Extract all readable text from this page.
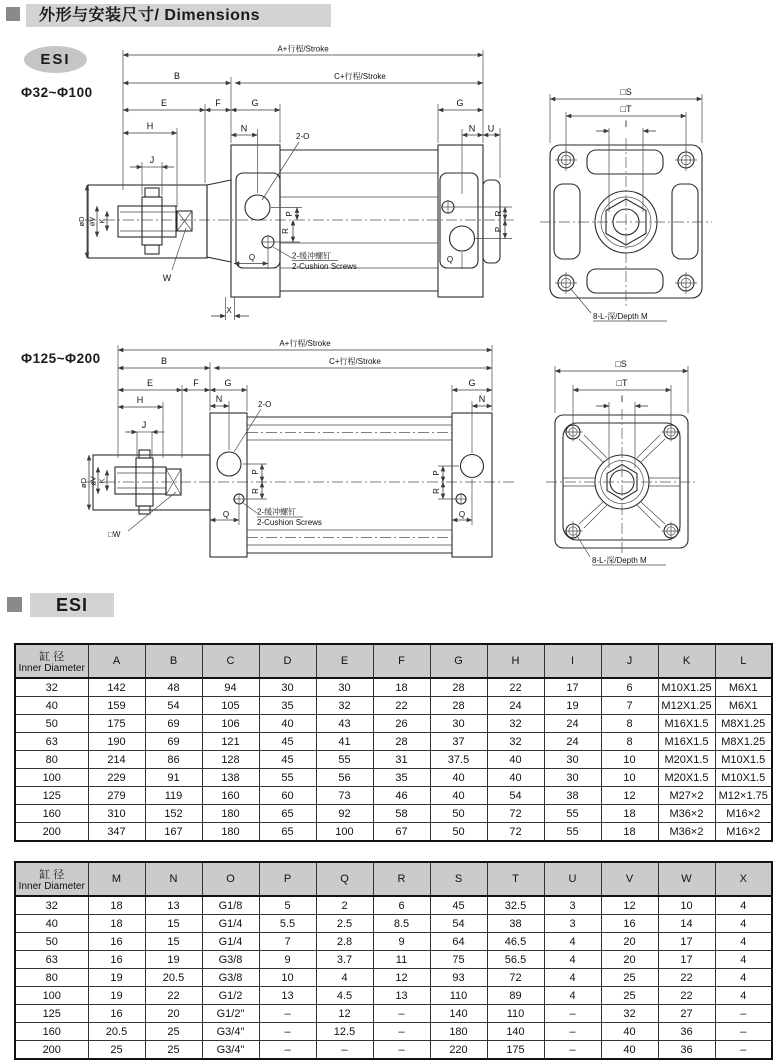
外形与安装尺寸/ Dimensions
ESI
Φ32~Φ100
Φ125~Φ200
ESI
A+行程/Stroke
B	C+行程/Stroke
E	F	G	G
H	N	N U
J
2-O
P
R
R
P
Q	Q
W
øD øV K
X
2-缓冲螺钉
2-Cushion Screws
□S
□T
I
8-L-深/Depth M
A+行程/Stroke
B	C+行程/Stroke
E	F	G	G
H	N	N
J
øD øV K
P
R
P
R
Q	Q
□W
2-O
2-缓冲螺钉
2-Cushion Screws
□S
□T
I
8-L-深/Depth M
缸 径
Inner Diameter	A	B	C	D	E	F	G	H	I	J	K	L
32	142	48	94	30	30	18	28	22	17	6	M10X1.25	M6X1
40	159	54	105	35	32	22	28	24	19	7	M12X1.25	M6X1
50	175	69	106	40	43	26	30	32	24	8	M16X1.5	M8X1.25
63	190	69	121	45	41	28	37	32	24	8	M16X1.5	M8X1.25
80	214	86	128	45	55	31	37.5	40	30	10	M20X1.5	M10X1.5
100	229	91	138	55	56	35	40	40	30	10	M20X1.5	M10X1.5
125	279	119	160	60	73	46	40	54	38	12	M27×2	M12×1.75
160	310	152	180	65	92	58	50	72	55	18	M36×2	M16×2
200	347	167	180	65	100	67	50	72	55	18	M36×2	M16×2
缸 径
Inner Diameter	M	N	O	P	Q	R	S	T	U	V	W	X
32	18	13	G1/8	5	2	6	45	32.5	3	12	10	4
40	18	15	G1/4	5.5	2.5	8.5	54	38	3	16	14	4
50	16	15	G1/4	7	2.8	9	64	46.5	4	20	17	4
63	16	19	G3/8	9	3.7	11	75	56.5	4	20	17	4
80	19	20.5	G3/8	10	4	12	93	72	4	25	22	4
100	19	22	G1/2	13	4.5	13	110	89	4	25	22	4
125	16	20	G1/2"	–	12	–	140	110	–	32	27	–
160	20.5	25	G3/4"	–	12.5	–	180	140	–	40	36	–
200	25	25	G3/4"	–	–	–	220	175	–	40	36	–
